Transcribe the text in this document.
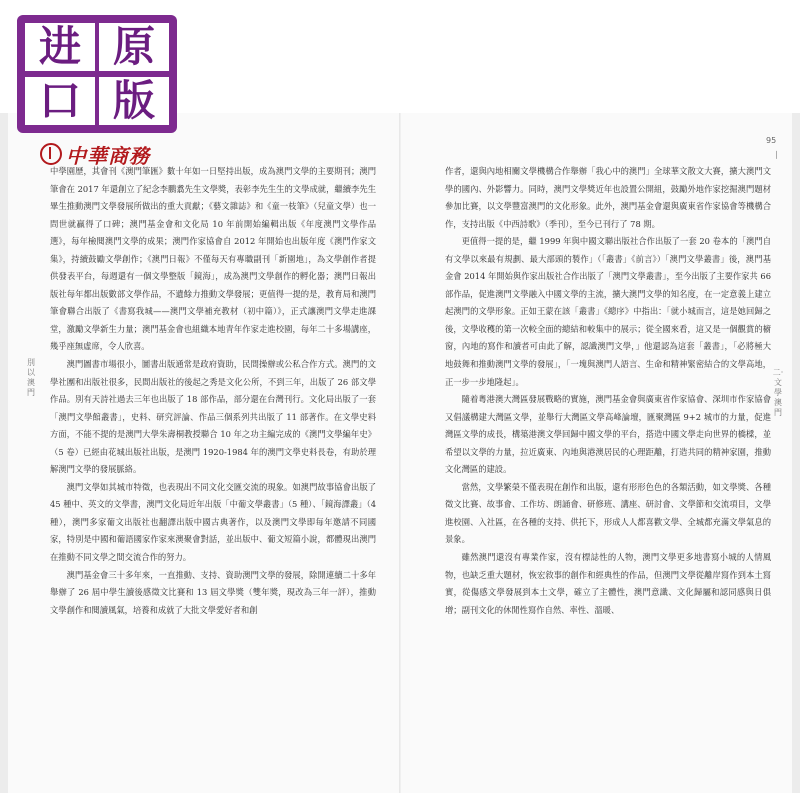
进 原
口 版
中華商務
95
❘
別以澳門
二·文學澳門

中學園歷，其會刊《澳門筆匯》數十年如一日堅持出版，成為澳門文學的主要期刊；澳門筆會在 2017 年還創立了紀念李鵬翥先生文學獎，表彰李先生生的文學成就，繼續李先生畢生推動澳門文學發展所做出的重大貢獻；《藝文雜誌》和《童一枝筆》（兒童文學）也一問世就贏得了口碑；澳門基金會和文化局 10 年前開始編輯出版《年度澳門文學作品選》，每年檢閱澳門文學的成果；澳門作家協會自 2012 年開始也出版年度《澳門作家文集》，持續鼓勵文學創作；《澳門日報》不僅每天有專職副刊「新園地」，為文學創作者提供發表平台，每週還有一個文學整版「鏡海」，成為澳門文學創作的孵化器；澳門日報出版社每年都出版數部文學作品，不遺餘力推動文學發展；更值得一提的是，教育局和澳門筆會聯合出版了《書寫我城——澳門文學補充教材（初中篇）》，正式讓澳門文學走進課堂，激勵文學新生力量；澳門基金會也組織本地青年作家走進校園，每年二十多場講座，幾乎座無虛席，令人欣喜。

澳門圖書市場很小，圖書出版通常是政府資助，民間操辦或公私合作方式。澳門的文學社團和出版社很多，民間出版社的後起之秀是文化公所，不到三年，出版了 26 部文學作品。別有天詩社過去三年也出版了 18 部作品，部分還在台灣刊行。文化局出版了一套「澳門文學館叢書」，史料、研究評論、作品三個系列共出版了 11 部著作。在文學史料方面，不能不提的是澳門大學朱壽桐教授聯合 10 年之功主編完成的《澳門文學編年史》（5 卷）已經由花城出版社出版，是澳門 1920-1984 年的澳門文學史料長卷，有助於理解澳門文學的發展脈絡。

澳門文學如其城市特徵，也表現出不同文化交匯交流的現象。如澳門故事協會出版了 45 種中、英文的文學書，澳門文化局近年出版「中葡文學叢書」（5 種）、「鏡海譯叢」（4 種），澳門多家葡文出版社也翻譯出版中國古典著作，以及澳門文學即每年邀請不同國家，特別是中國和葡語國家作家來澳聚會對話，並出版中、葡文短篇小說，都體現出澳門在推動不同文學之間交流合作的努力。

澳門基金會三十多年來，一直推動、支持、資助澳門文學的發展，除開連續二十多年舉辦了 26 屆中學生讀後感徵文比賽和 13 屆文學獎（雙年獎，現改為三年一評），推動文學創作和閱讀風氣，培養和成就了大批文學愛好者和創

作者，還與內地相關文學機構合作舉辦「我心中的澳門」全球華文散文大賽，擴大澳門文學的國內、外影響力。同時，澳門文學獎近年也設置公開組，鼓勵外地作家挖掘澳門題材參加比賽，以文學豐富澳門的文化形象。此外，澳門基金會還與廣東省作家協會等機構合作，支持出版《中西詩歌》（季刊），至今已刊行了 78 期。

更值得一提的是，繼 1999 年與中國文聯出版社合作出版了一套 20 卷本的「澳門自有文學以來最有規劃、最大部頭的製作」（「叢書」《前言》）「澳門文學叢書」後，澳門基金會 2014 年開始與作家出版社合作出版了「澳門文學叢書」，至今出版了主要作家共 66 部作品，促進澳門文學融入中國文學的主流，擴大澳門文學的知名度，在一定意義上建立起澳門的文學形象。正如王蒙在該「叢書」《總序》中指出：「就小城而言，這是她回歸之後，文學收穫的第一次較全面的總結和較集中的展示；從全國來看，這又是一個觀賞的櫥窗，內地的寫作和讀者可由此了解，認識澳門文學，」他還認為這套「叢書」，「必將極大地鼓舞和推動澳門文學的發展」，「一塊與澳門人語言、生命和精神緊密結合的文學高地，正一步一步地隆起」。

隨着粵港澳大灣區發展戰略的實施，澳門基金會與廣東省作家協會、深圳市作家協會又倡議構建大灣區文學，並舉行大灣區文學高峰論壇，匯聚灣區 9+2 城市的力量，促進灣區文學的成長，構築港澳文學回歸中國文學的平台，搭造中國文學走向世界的橋樑，並希望以文學的力量，拉近廣東、內地與港澳居民的心理距離，打造共同的精神家園，推動文化灣區的建設。

當然，文學繁榮不僅表現在創作和出版，還有形形色色的各類活動，如文學獎、各種徵文比賽、故事會、工作坊、朗誦會、研修班、講座、研討會、文學節和交流項目，文學進校園、入社區，在各種的支持、供托下，形成人人都喜歡文學、全城都充滿文學氣息的景象。

雖然澳門還沒有專業作家，沒有標誌性的人物，澳門文學更多地書寫小城的人情風物，也缺乏重大題材，恢宏敘事的創作和經典性的作品，但澳門文學從離岸寫作到本土寫實，從傷感文學發展到本土文學，確立了主體性，澳門意識、文化歸屬和認同感與日俱增；副刊文化的休閒性寫作自然、率性、溫暖、
